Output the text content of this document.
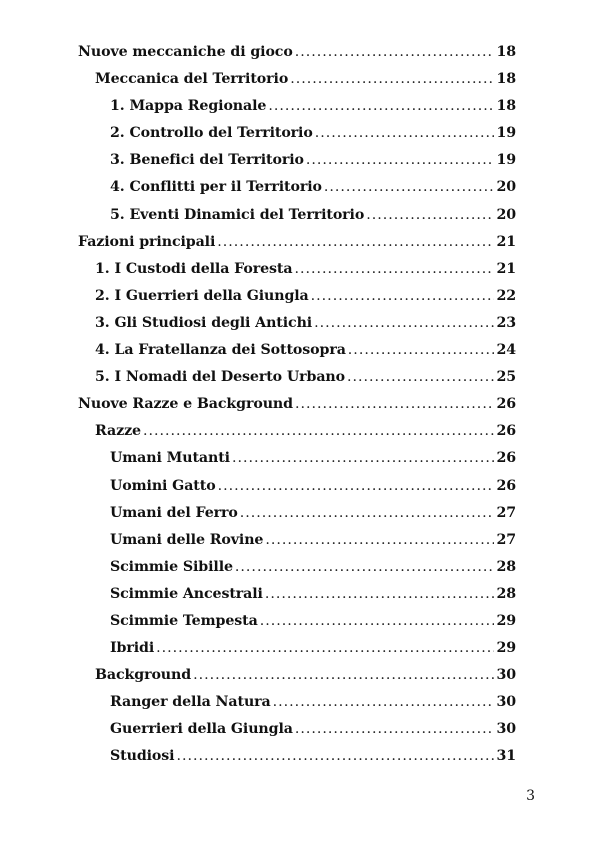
Nuove meccaniche di gioco .....	18
Meccanica del Territorio .....	18
1. Mappa Regionale .....	18
2. Controllo del Territorio .....	19
3. Benefici del Territorio .....	19
4. Conflitti per il Territorio .....	20
5. Eventi Dinamici del Territorio .....	20
Fazioni principali .....	21
1. I Custodi della Foresta .....	21
2. I Guerrieri della Giungla .....	22
3. Gli Studiosi degli Antichi .....	23
4. La Fratellanza dei Sottosopra .....	24
5. I Nomadi del Deserto Urbano .....	25
Nuove Razze e Background .....	26
Razze .....	26
Umani Mutanti .....	26
Uomini Gatto .....	26
Umani del Ferro .....	27
Umani delle Rovine .....	27
Scimmie Sibille .....	28
Scimmie Ancestrali .....	28
Scimmie Tempesta .....	29
Ibridi .....	29
Background .....	30
Ranger della Natura .....	30
Guerrieri della Giungla .....	30
Studiosi .....	31
3
